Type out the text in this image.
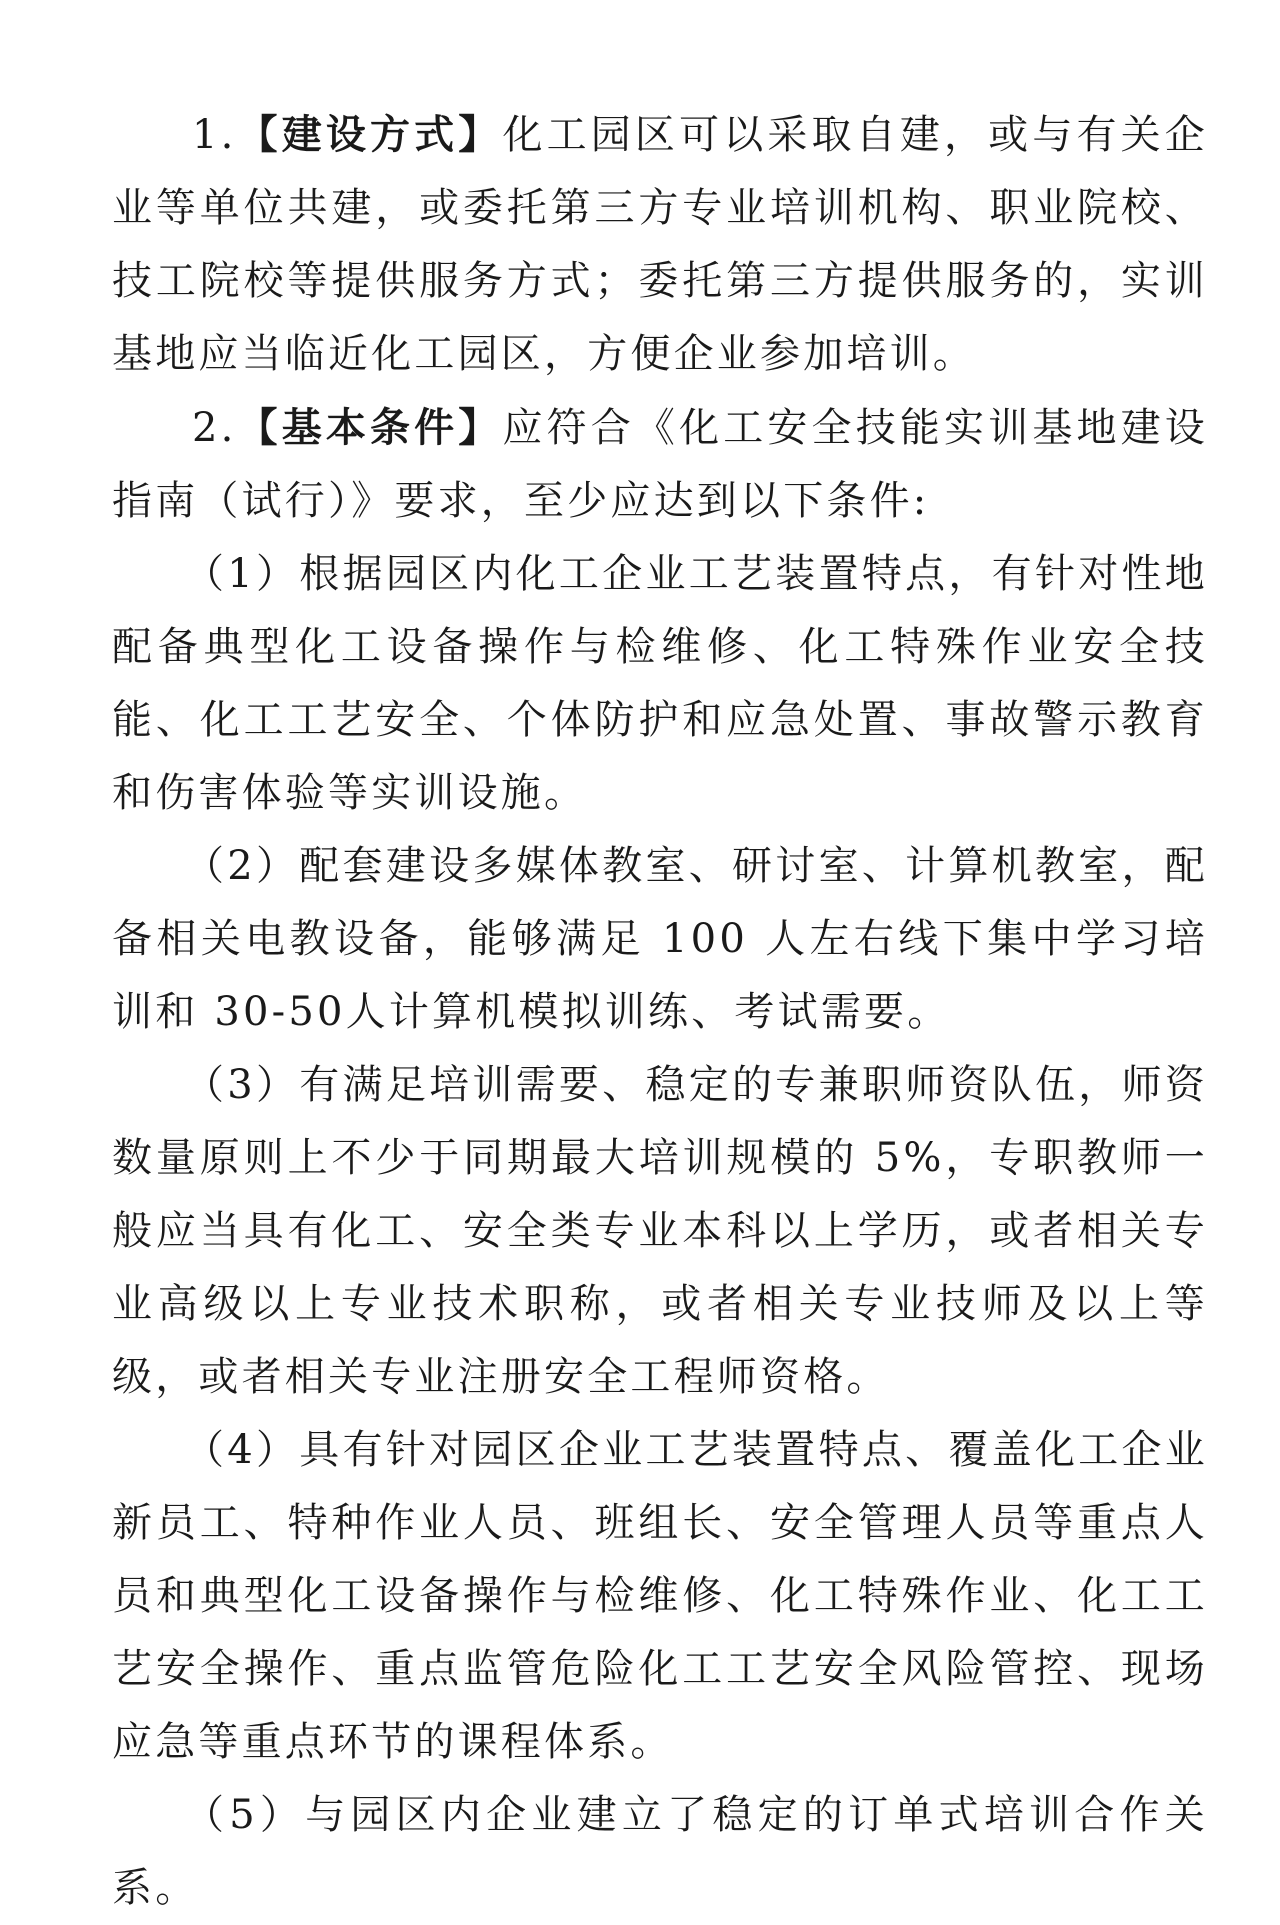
1.【建设方式】化工园区可以采取自建，或与有关企业等单位共建，或委托第三方专业培训机构、职业院校、技工院校等提供服务方式；委托第三方提供服务的，实训基地应当临近化工园区，方便企业参加培训。

2.【基本条件】应符合《化工安全技能实训基地建设指南（试行）》要求，至少应达到以下条件:

（1）根据园区内化工企业工艺装置特点，有针对性地配备典型化工设备操作与检维修、化工特殊作业安全技能、化工工艺安全、个体防护和应急处置、事故警示教育和伤害体验等实训设施。

（2）配套建设多媒体教室、研讨室、计算机教室，配备相关电教设备，能够满足 100 人左右线下集中学习培训和 30-50人计算机模拟训练、考试需要。

（3）有满足培训需要、稳定的专兼职师资队伍，师资数量原则上不少于同期最大培训规模的 5%，专职教师一般应当具有化工、安全类专业本科以上学历，或者相关专业高级以上专业技术职称，或者相关专业技师及以上等级，或者相关专业注册安全工程师资格。

（4）具有针对园区企业工艺装置特点、覆盖化工企业新员工、特种作业人员、班组长、安全管理人员等重点人员和典型化工设备操作与检维修、化工特殊作业、化工工艺安全操作、重点监管危险化工工艺安全风险管控、现场应急等重点环节的课程体系。

（5）与园区内企业建立了稳定的订单式培训合作关系。
